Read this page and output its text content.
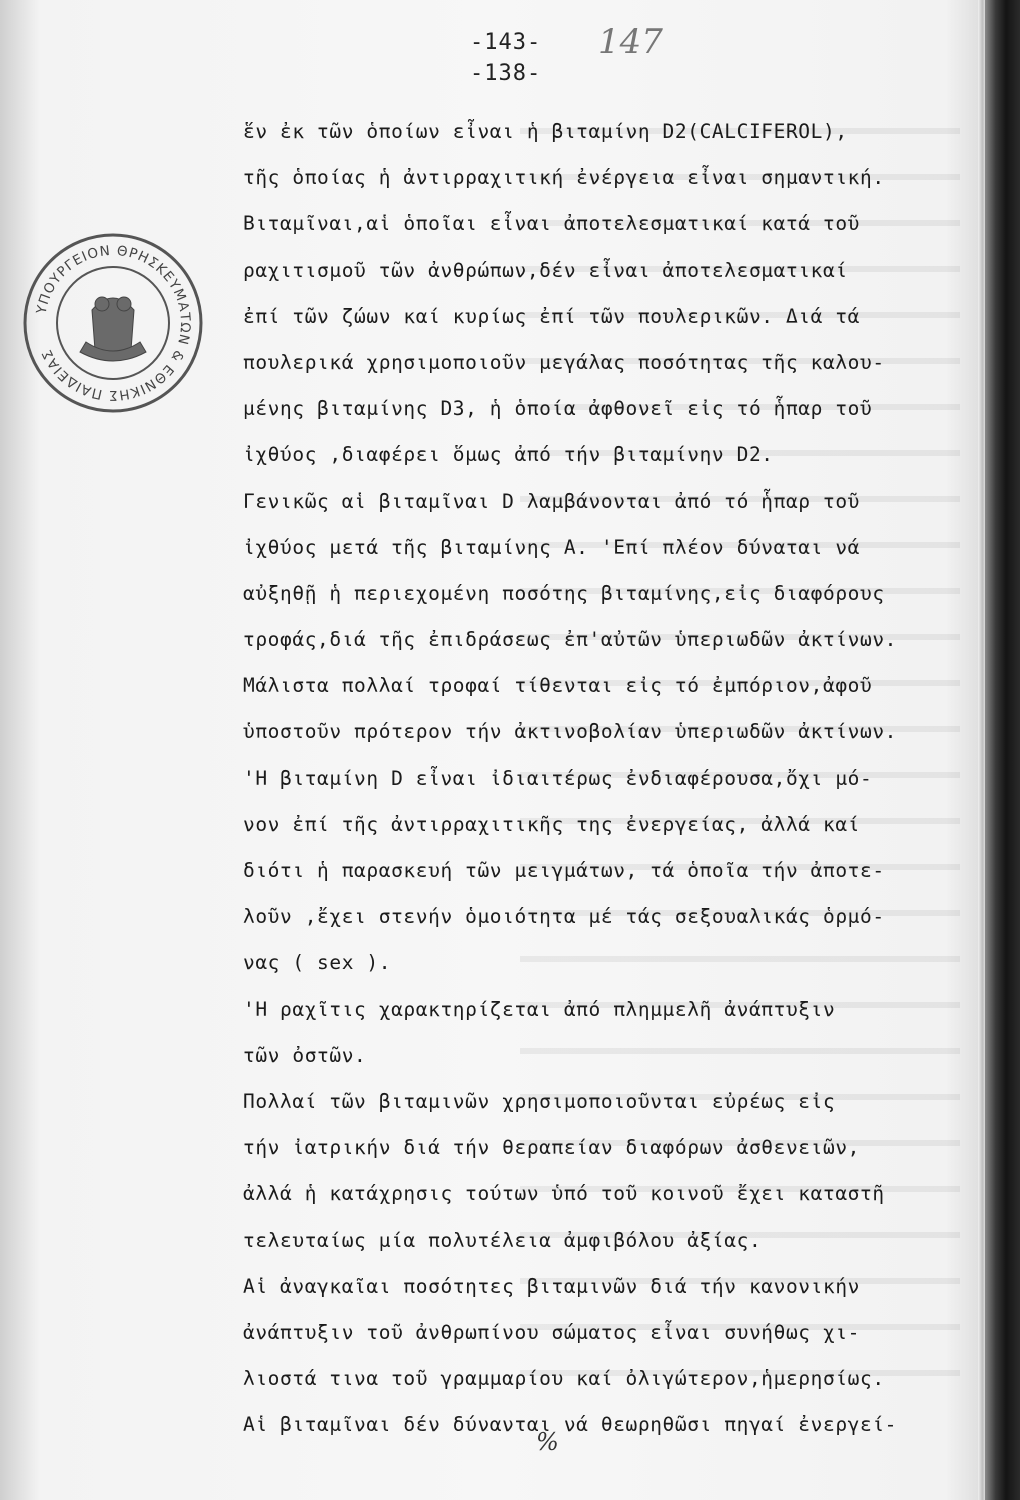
-143-	147
-138-
ΥΠΟΥΡΓΕΙΟΝ ΘΡΗΣΚΕΥΜΑΤΩΝ & ΕΘΝΙΚΗΣ ΠΑΙΔΕΙΑΣ
ἕν ἐκ τῶν ὁποίων εἶναι ἡ βιταμίνη D2(CALCIFEROL),
τῆς ὁποίας ἡ ἀντιρραχιτική ἐνέργεια εἶναι σημαντική.
Βιταμῖναι,αἱ ὁποῖαι εἶναι ἀποτελεσματικαί κατά τοῦ
ραχιτισμοῦ τῶν ἀνθρώπων,δέν εἶναι ἀποτελεσματικαί
ἐπί τῶν ζώων καί κυρίως ἐπί τῶν πουλερικῶν. Διά τά
πουλερικά χρησιμοποιοῦν μεγάλας ποσότητας τῆς καλου-
μένης βιταμίνης D3, ἡ ὁποία ἀφθονεῖ εἰς τό ἧπαρ τοῦ
ἰχθύος ,διαφέρει ὅμως ἀπό τήν βιταμίνην D2.
Γενικῶς αἱ βιταμῖναι D λαμβάνονται ἀπό τό ἧπαρ τοῦ
ἰχθύος μετά τῆς βιταμίνης Α. 'Επί πλέον δύναται νά
αὐξηθῇ ἡ περιεχομένη ποσότης βιταμίνης,εἰς διαφόρους
τροφάς,διά τῆς ἐπιδράσεως ἐπ'αὐτῶν ὑπεριωδῶν ἀκτίνων.
Μάλιστα πολλαί τροφαί τίθενται εἰς τό ἐμπόριον,ἀφοῦ
ὑποστοῦν πρότερον τήν ἀκτινοβολίαν ὑπεριωδῶν ἀκτίνων.
'Η βιταμίνη D εἶναι ἰδιαιτέρως ἐνδιαφέρουσα,ὄχι μό-
νον ἐπί τῆς ἀντιρραχιτικῆς της ἐνεργείας, ἀλλά καί
διότι ἡ παρασκευή τῶν μειγμάτων, τά ὁποῖα τήν ἀποτε-
λοῦν ,ἔχει στενήν ὁμοιότητα μέ τάς σεξουαλικάς ὁρμό-
νας ( sex ).
'Η ραχῖτις χαρακτηρίζεται ἀπό πλημμελῆ ἀνάπτυξιν
τῶν ὀστῶν.
Πολλαί τῶν βιταμινῶν χρησιμοποιοῦνται εὐρέως εἰς
τήν ἰατρικήν διά τήν θεραπείαν διαφόρων ἀσθενειῶν,
ἀλλά ἡ κατάχρησις τούτων ὑπό τοῦ κοινοῦ ἔχει καταστῆ
τελευταίως μία πολυτέλεια ἀμφιβόλου ἀξίας.
Αἱ ἀναγκαῖαι ποσότητες βιταμινῶν διά τήν κανονικήν
ἀνάπτυξιν τοῦ ἀνθρωπίνου σώματος εἶναι συνήθως χι-
λιοστά τινα τοῦ γραμμαρίου καί ὀλιγώτερον,ἡμερησίως.
Αἱ βιταμῖναι δέν δύνανται νά θεωρηθῶσι πηγαί ἐνεργεί-
%
